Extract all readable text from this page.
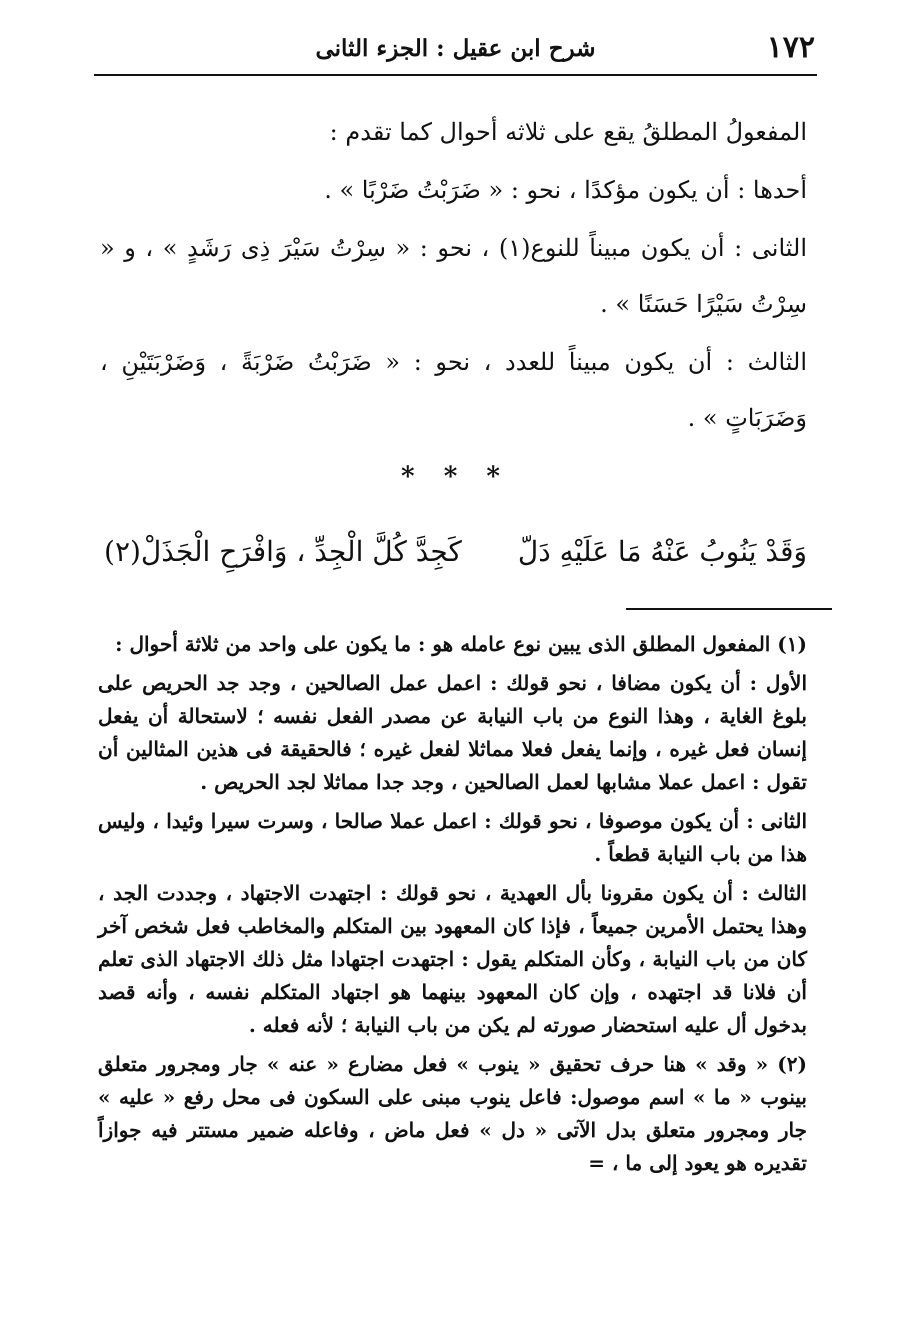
١٧٢
شرح ابن عقيل : الجزء الثانى

المفعولُ المطلقُ يقع على ثلاثه أحوال كما تقدم :

أحدها : أن يكون مؤكدًا ، نحو : « ضَرَبْتُ ضَرْبًا » .

الثانى : أن يكون مبيناً للنوع(١) ، نحو : « سِرْتُ سَيْرَ ذِى رَشَدٍ » ، و « سِرْتُ سَيْرًا حَسَنًا » .

الثالث : أن يكون مبيناً للعدد ، نحو : « ضَرَبْتُ ضَرْبَةً ، وَضَرْبَتَيْنِ ، وَضَرَبَاتٍ » .

* * *
وَقَدْ يَنُوبُ عَنْهُ مَا عَلَيْهِ دَلّ
كَجِدَّ كُلَّ الْجِدِّ ، وَافْرَحِ الْجَذَلْ(٢)

(١) المفعول المطلق الذى يبين نوع عامله هو : ما يكون على واحد من ثلاثة أحوال :

الأول : أن يكون مضافا ، نحو قولك : اعمل عمل الصالحين ، وجد جد الحريص على بلوغ الغاية ، وهذا النوع من باب النيابة عن مصدر الفعل نفسه ؛ لاستحالة أن يفعل إنسان فعل غيره ، وإنما يفعل فعلا مماثلا لفعل غيره ؛ فالحقيقة فى هذين المثالين أن تقول : اعمل عملا مشابها لعمل الصالحين ، وجد جدا مماثلا لجد الحريص .

الثانى : أن يكون موصوفا ، نحو قولك : اعمل عملا صالحا ، وسرت سيرا وئيدا ، وليس هذا من باب النيابة قطعاً .

الثالث : أن يكون مقرونا بأل العهدية ، نحو قولك : اجتهدت الاجتهاد ، وجددت الجد ، وهذا يحتمل الأمرين جميعاً ، فإذا كان المعهود بين المتكلم والمخاطب فعل شخص آخر كان من باب النيابة ، وكأن المتكلم يقول : اجتهدت اجتهادا مثل ذلك الاجتهاد الذى تعلم أن فلانا قد اجتهده ، وإن كان المعهود بينهما هو اجتهاد المتكلم نفسه ، وأنه قصد بدخول أل عليه استحضار صورته لم يكن من باب النيابة ؛ لأنه فعله .

(٢) « وقد » هنا حرف تحقيق « ينوب » فعل مضارع « عنه » جار ومجرور متعلق بينوب « ما » اسم موصول: فاعل ينوب مبنى على السكون فى محل رفع « عليه » جار ومجرور متعلق بدل الآتى « دل » فعل ماض ، وفاعله ضمير مستتر فيه جوازاً تقديره هو يعود إلى ما ، =
